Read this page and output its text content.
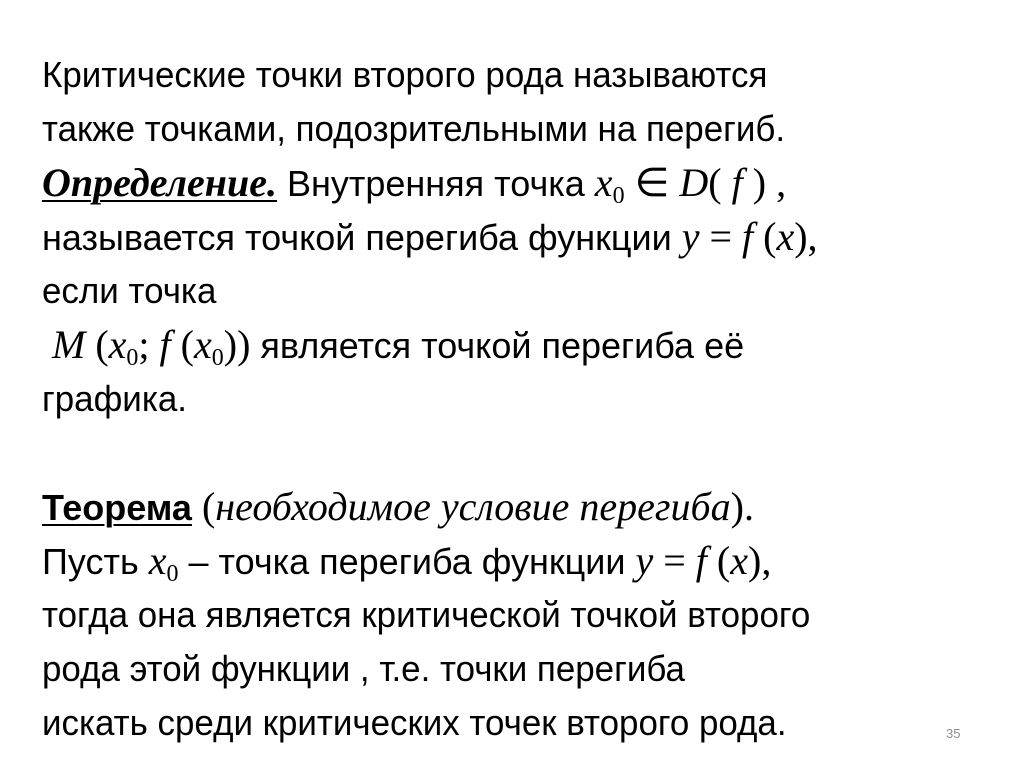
Критические точки второго рода называются
также точками, подозрительными на перегиб.
Определение. Внутренняя точка $x_0$ ∈ D( f ) ,
называется точкой перегиба функции y = f (x),
если точка
M ($x_0$; f $(x_0)$) является точкой перегиба её
графика.
Теорема (необходимое условие перегиба).
Пусть $x_0$ – точка перегиба функции y = f (x),
тогда она является критической точкой второго
рода этой функции , т.е. точки перегиба
искать среди критических точек второго рода.	35
